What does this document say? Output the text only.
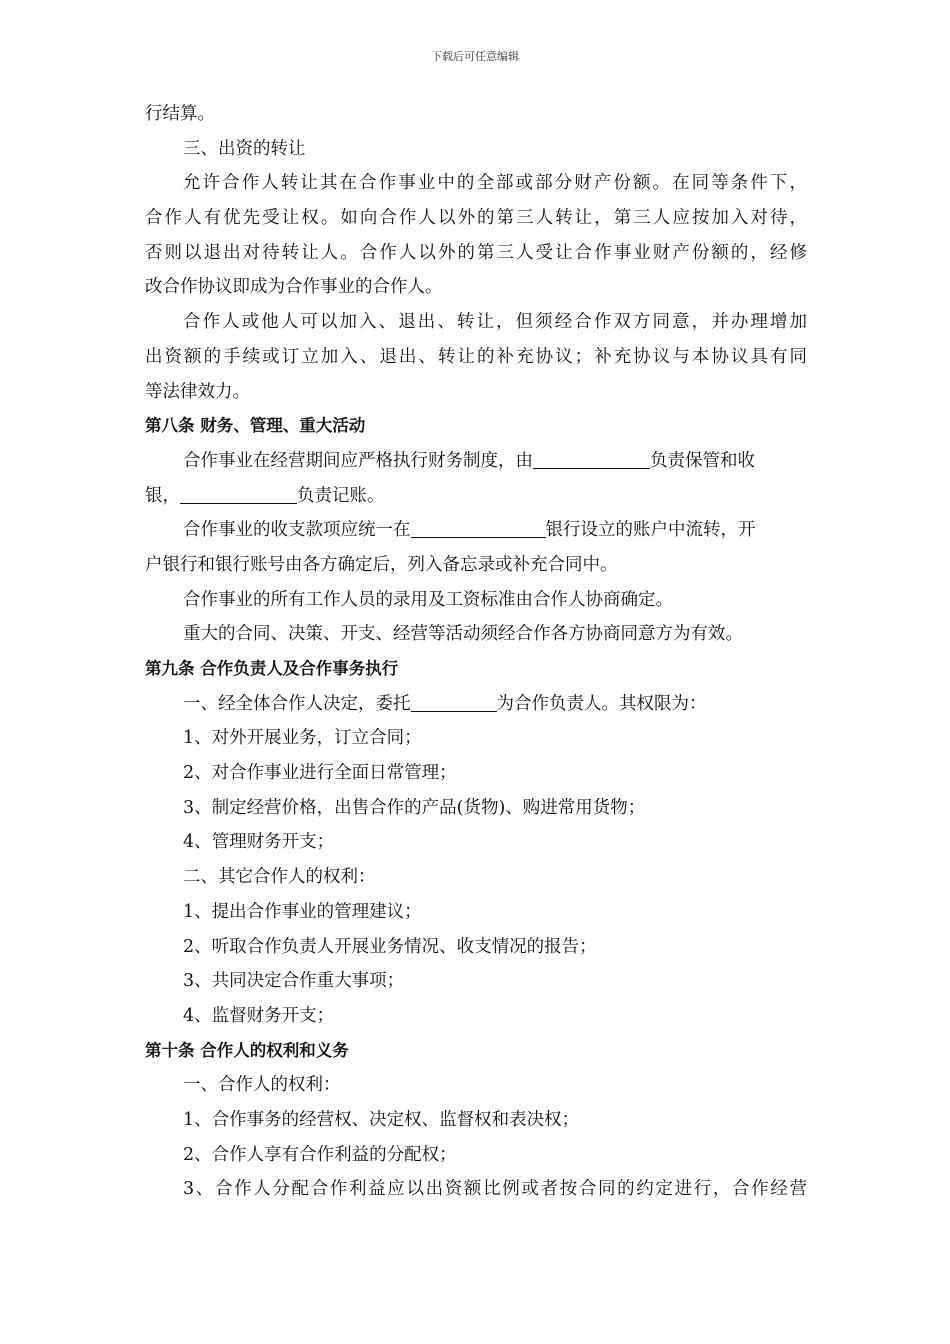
下载后可任意编辑
行结算。
三、出资的转让
允许合作人转让其在合作事业中的全部或部分财产份额。在同等条件下，
合作人有优先受让权。如向合作人以外的第三人转让，第三人应按加入对待，
否则以退出对待转让人。合作人以外的第三人受让合作事业财产份额的，经修
改合作协议即成为合作事业的合作人。
合作人或他人可以加入、退出、转让，但须经合作双方同意，并办理增加
出资额的手续或订立加入、退出、转让的补充协议；补充协议与本协议具有同
等法律效力。
第八条 财务、管理、重大活动
合作事业在经营期间应严格执行财务制度，由	负责保管和收
银，	负责记账。
合作事业的收支款项应统一在	银行设立的账户中流转，开
户银行和银行账号由各方确定后，列入备忘录或补充合同中。
合作事业的所有工作人员的录用及工资标准由合作人协商确定。
重大的合同、决策、开支、经营等活动须经合作各方协商同意方为有效。
第九条 合作负责人及合作事务执行
一、经全体合作人决定，委托	为合作负责人。其权限为：
1、对外开展业务，订立合同；
2、对合作事业进行全面日常管理；
3、制定经营价格，出售合作的产品(货物)、购进常用货物；
4、管理财务开支；
二、其它合作人的权利：
1、提出合作事业的管理建议；
2、听取合作负责人开展业务情况、收支情况的报告；
3、共同决定合作重大事项；
4、监督财务开支；
第十条 合作人的权利和义务
一、合作人的权利：
1、合作事务的经营权、决定权、监督权和表决权；
2、合作人享有合作利益的分配权；
3、合作人分配合作利益应以出资额比例或者按合同的约定进行，合作经营
